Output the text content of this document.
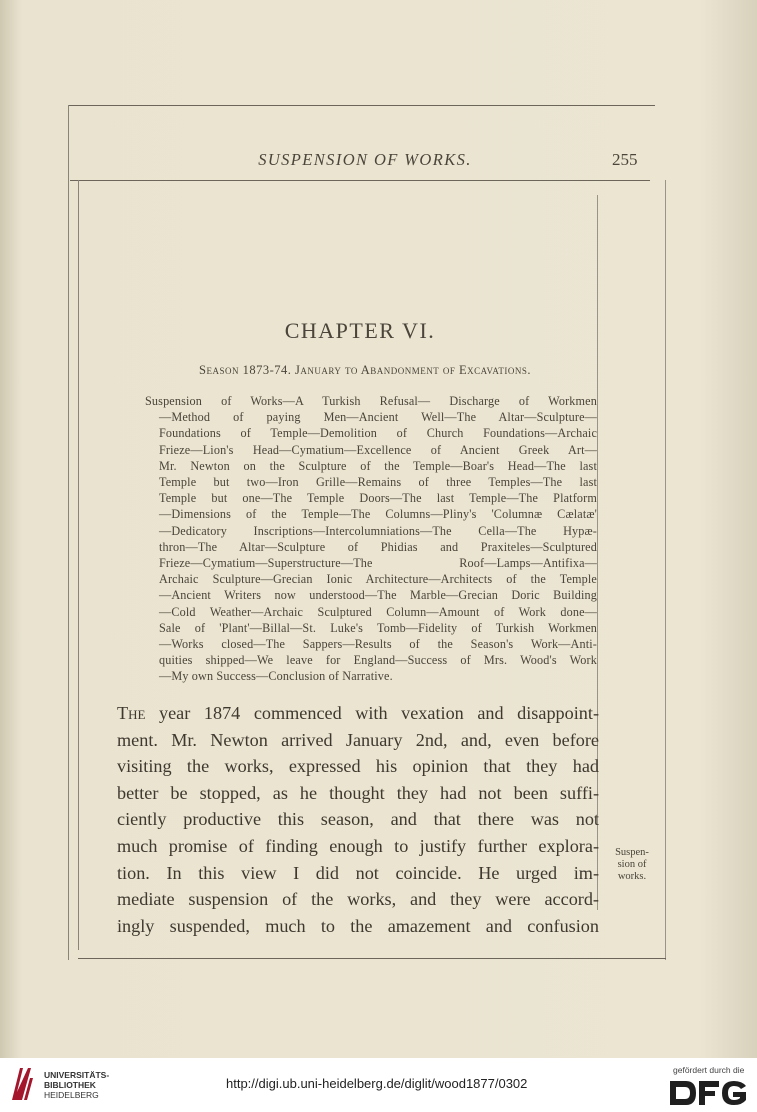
SUSPENSION OF WORKS.	255
CHAPTER VI.
Season 1873-74. January to Abandonment of Excavations.
Suspension of Works—A Turkish Refusal— Discharge of Workmen
—Method of paying Men—Ancient Well—The Altar—Sculpture—
Foundations of Temple—Demolition of Church Foundations—Archaic
Frieze—Lion's Head—Cymatium—Excellence of Ancient Greek Art—
Mr. Newton on the Sculpture of the Temple—Boar's Head—The last
Temple but two—Iron Grille—Remains of three Temples—The last
Temple but one—The Temple Doors—The last Temple—The Platform
—Dimensions of the Temple—The Columns—Pliny's 'Columnæ Cælatæ'
—Dedicatory Inscriptions—Intercolumniations—The Cella—The Hypæ-
thron—The Altar—Sculpture of Phidias and Praxiteles—Sculptured
Frieze—Cymatium—Superstructure—The Roof—Lamps—Antifixa—
Archaic Sculpture—Grecian Ionic Architecture—Architects of the Temple
—Ancient Writers now understood—The Marble—Grecian Doric Building
—Cold Weather—Archaic Sculptured Column—Amount of Work done—
Sale of 'Plant'—Billal—St. Luke's Tomb—Fidelity of Turkish Workmen
—Works closed—The Sappers—Results of the Season's Work—Anti-
quities shipped—We leave for England—Success of Mrs. Wood's Work
—My own Success—Conclusion of Narrative.
The year 1874 commenced with vexation and disappoint-
ment. Mr. Newton arrived January 2nd, and, even before
visiting the works, expressed his opinion that they had
better be stopped, as he thought they had not been suffi-
ciently productive this season, and that there was not
much promise of finding enough to justify further explora-
tion. In this view I did not coincide. He urged im-
mediate suspension of the works, and they were accord-
ingly suspended, much to the amazement and confusion
Suspen-
sion of
works.
UNIVERSITÄTS-
BIBLIOTHEK
HEIDELBERG
http://digi.ub.uni-heidelberg.de/diglit/wood1877/0302
gefördert durch die
